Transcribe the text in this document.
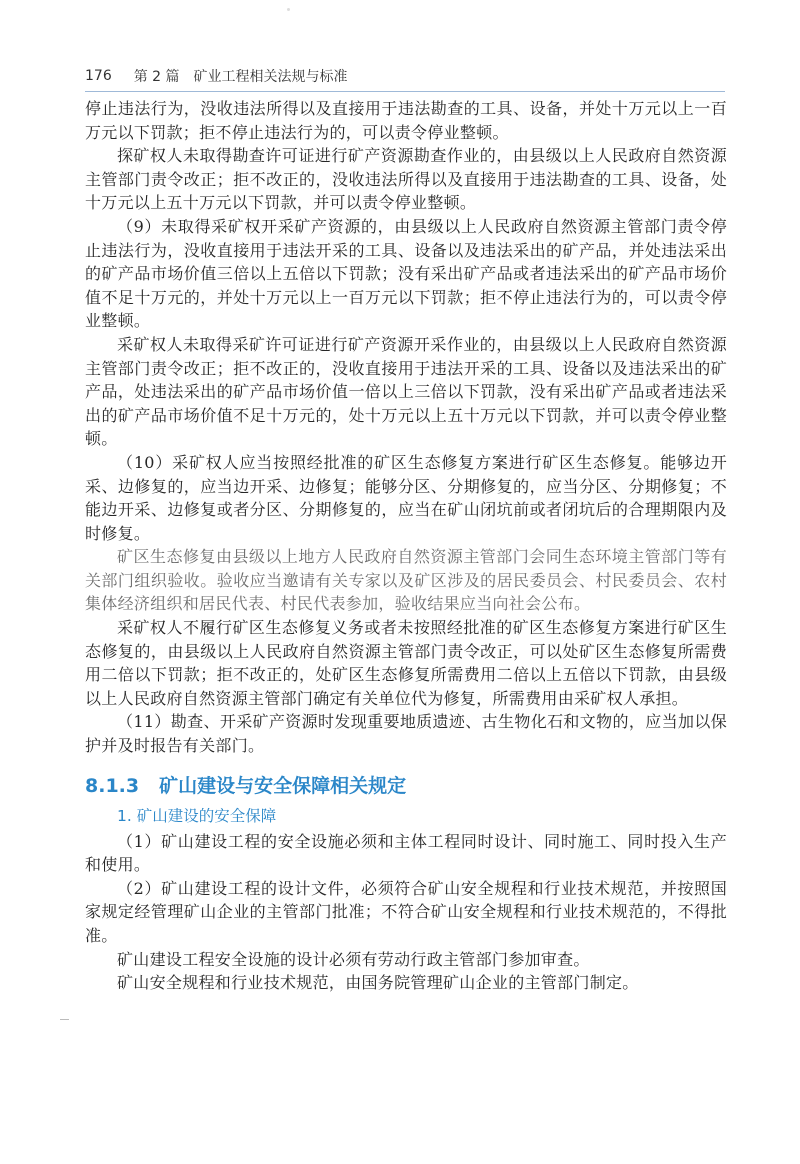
176 第 2 篇 矿业工程相关法规与标准

停止违法行为，没收违法所得以及直接用于违法勘查的工具、设备，并处十万元以上一百万元以下罚款；拒不停止违法行为的，可以责令停业整顿。

探矿权人未取得勘查许可证进行矿产资源勘查作业的，由县级以上人民政府自然资源主管部门责令改正；拒不改正的，没收违法所得以及直接用于违法勘查的工具、设备，处十万元以上五十万元以下罚款，并可以责令停业整顿。

（9）未取得采矿权开采矿产资源的，由县级以上人民政府自然资源主管部门责令停止违法行为，没收直接用于违法开采的工具、设备以及违法采出的矿产品，并处违法采出的矿产品市场价值三倍以上五倍以下罚款；没有采出矿产品或者违法采出的矿产品市场价值不足十万元的，并处十万元以上一百万元以下罚款；拒不停止违法行为的，可以责令停业整顿。

采矿权人未取得采矿许可证进行矿产资源开采作业的，由县级以上人民政府自然资源主管部门责令改正；拒不改正的，没收直接用于违法开采的工具、设备以及违法采出的矿产品，处违法采出的矿产品市场价值一倍以上三倍以下罚款，没有采出矿产品或者违法采出的矿产品市场价值不足十万元的，处十万元以上五十万元以下罚款，并可以责令停业整顿。

（10）采矿权人应当按照经批准的矿区生态修复方案进行矿区生态修复。能够边开采、边修复的，应当边开采、边修复；能够分区、分期修复的，应当分区、分期修复；不能边开采、边修复或者分区、分期修复的，应当在矿山闭坑前或者闭坑后的合理期限内及时修复。

矿区生态修复由县级以上地方人民政府自然资源主管部门会同生态环境主管部门等有关部门组织验收。验收应当邀请有关专家以及矿区涉及的居民委员会、村民委员会、农村集体经济组织和居民代表、村民代表参加，验收结果应当向社会公布。

采矿权人不履行矿区生态修复义务或者未按照经批准的矿区生态修复方案进行矿区生态修复的，由县级以上人民政府自然资源主管部门责令改正，可以处矿区生态修复所需费用二倍以下罚款；拒不改正的，处矿区生态修复所需费用二倍以上五倍以下罚款，由县级以上人民政府自然资源主管部门确定有关单位代为修复，所需费用由采矿权人承担。

（11）勘查、开采矿产资源时发现重要地质遗迹、古生物化石和文物的，应当加以保护并及时报告有关部门。

8.1.3 矿山建设与安全保障相关规定
1. 矿山建设的安全保障

（1）矿山建设工程的安全设施必须和主体工程同时设计、同时施工、同时投入生产和使用。

（2）矿山建设工程的设计文件，必须符合矿山安全规程和行业技术规范，并按照国家规定经管理矿山企业的主管部门批准；不符合矿山安全规程和行业技术规范的，不得批准。

矿山建设工程安全设施的设计必须有劳动行政主管部门参加审查。

矿山安全规程和行业技术规范，由国务院管理矿山企业的主管部门制定。
